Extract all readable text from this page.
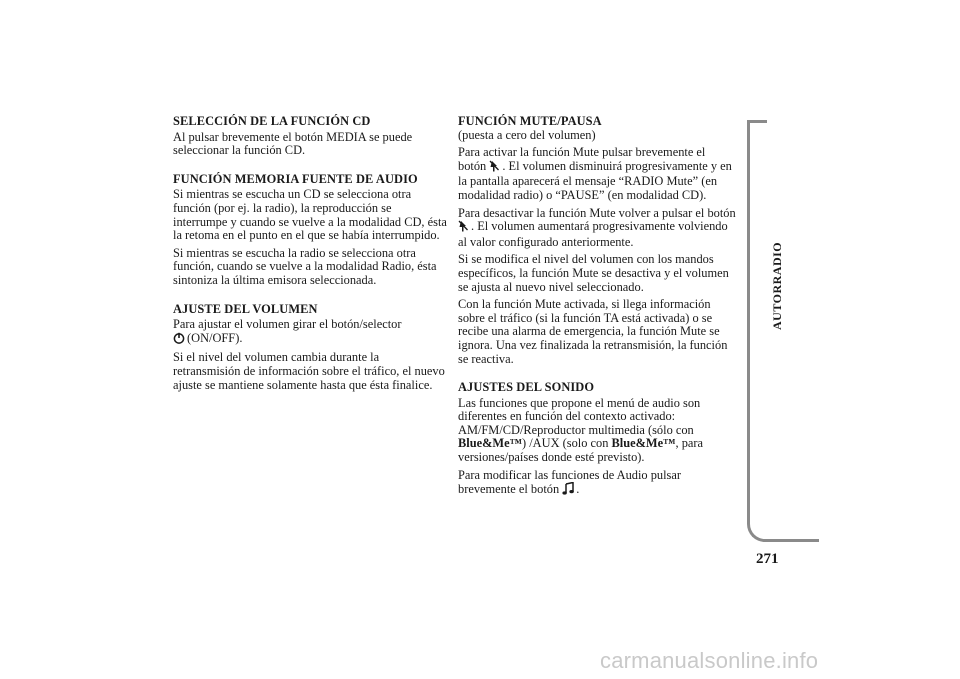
SELECCIÓN DE LA FUNCIÓN CD
Al pulsar brevemente el botón MEDIA se puede seleccionar la función CD.
FUNCIÓN MEMORIA FUENTE DE AUDIO
Si mientras se escucha un CD se selecciona otra función (por ej. la radio), la reproducción se interrumpe y cuando se vuelve a la modalidad CD, ésta la retoma en el punto en el que se había interrumpido.
Si mientras se escucha la radio se selecciona otra función, cuando se vuelve a la modalidad Radio, ésta sintoniza la última emisora seleccionada.
AJUSTE DEL VOLUMEN
Para ajustar el volumen girar el botón/selector
(ON/OFF).
Si el nivel del volumen cambia durante la retransmisión de información sobre el tráfico, el nuevo ajuste se mantiene solamente hasta que ésta finalice.
FUNCIÓN MUTE/PAUSA
(puesta a cero del volumen)
Para activar la función Mute pulsar brevemente el botón . El volumen disminuirá progresivamente y en la pantalla aparecerá el mensaje “RADIO Mute” (en modalidad radio) o “PAUSE” (en modalidad CD).
Para desactivar la función Mute volver a pulsar el botón . El volumen aumentará progresivamente volviendo al valor configurado anteriormente.
Si se modifica el nivel del volumen con los mandos específicos, la función Mute se desactiva y el volumen se ajusta al nuevo nivel seleccionado.
Con la función Mute activada, si llega información sobre el tráfico (si la función TA está activada) o se recibe una alarma de emergencia, la función Mute se ignora. Una vez finalizada la retransmisión, la función se reactiva.
AJUSTES DEL SONIDO
Las funciones que propone el menú de audio son diferentes en función del contexto activado: AM/FM/CD/Reproductor multimedia (sólo con Blue&Me™) /AUX (solo con Blue&Me™, para versiones/países donde esté previsto).
Para modificar las funciones de Audio pulsar brevemente el botón .
AUTORRADIO
271
carmanualsonline.info
